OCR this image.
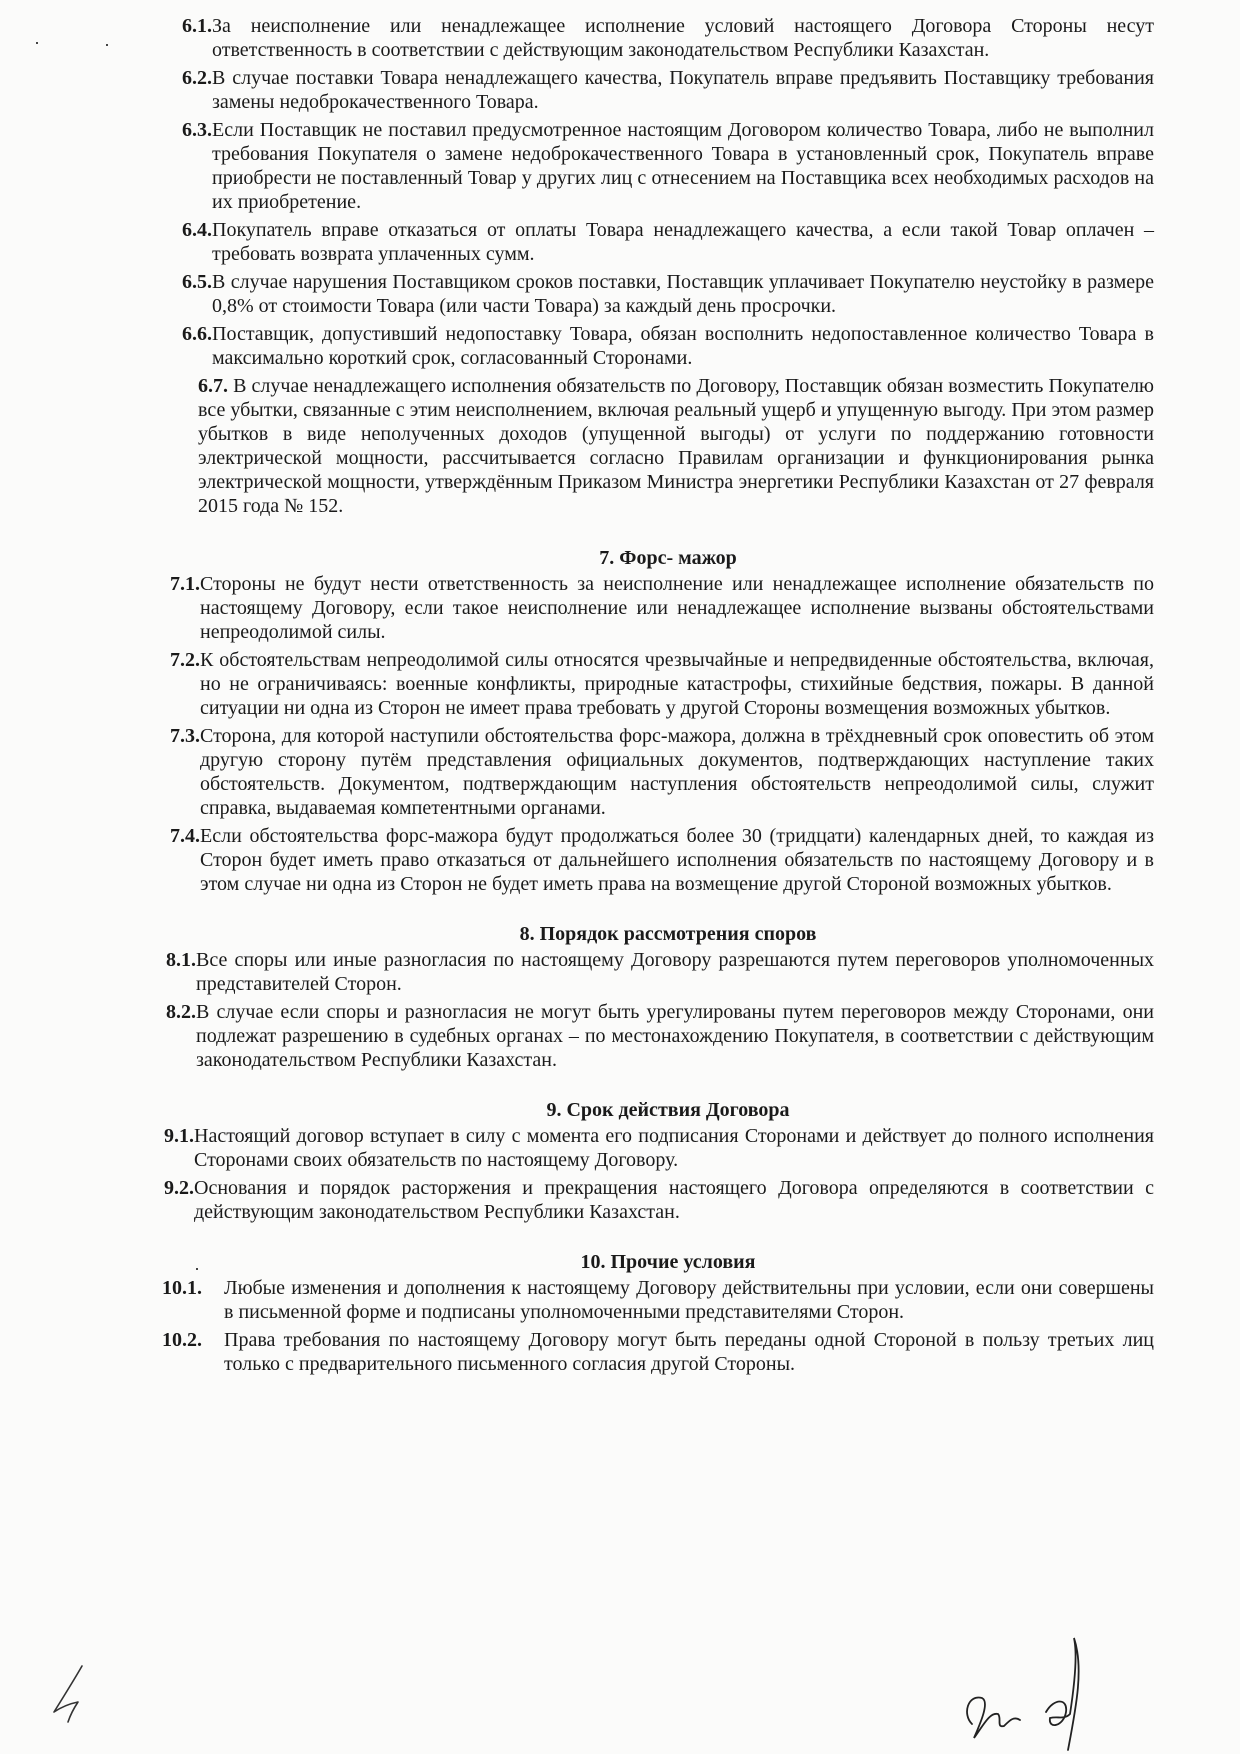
6.1. За неисполнение или ненадлежащее исполнение условий настоящего Договора Стороны несут ответственность в соответствии с действующим законодательством Республики Казахстан.
6.2. В случае поставки Товара ненадлежащего качества, Покупатель вправе предъявить Поставщику требования замены недоброкачественного Товара.
6.3. Если Поставщик не поставил предусмотренное настоящим Договором количество Товара, либо не выполнил требования Покупателя о замене недоброкачественного Товара в установленный срок, Покупатель вправе приобрести не поставленный Товар у других лиц с отнесением на Поставщика всех необходимых расходов на их приобретение.
6.4. Покупатель вправе отказаться от оплаты Товара ненадлежащего качества, а если такой Товар оплачен – требовать возврата уплаченных сумм.
6.5. В случае нарушения Поставщиком сроков поставки, Поставщик уплачивает Покупателю неустойку в размере 0,8% от стоимости Товара (или части Товара) за каждый день просрочки.
6.6. Поставщик, допустивший недопоставку Товара, обязан восполнить недопоставленное количество Товара в максимально короткий срок, согласованный Сторонами.
6.7. В случае ненадлежащего исполнения обязательств по Договору, Поставщик обязан возместить Покупателю все убытки, связанные с этим неисполнением, включая реальный ущерб и упущенную выгоду. При этом размер убытков в виде неполученных доходов (упущенной выгоды) от услуги по поддержанию готовности электрической мощности, рассчитывается согласно Правилам организации и функционирования рынка электрической мощности, утверждённым Приказом Министра энергетики Республики Казахстан от 27 февраля 2015 года № 152.
7. Форс- мажор
7.1. Стороны не будут нести ответственность за неисполнение или ненадлежащее исполнение обязательств по настоящему Договору, если такое неисполнение или ненадлежащее исполнение вызваны обстоятельствами непреодолимой силы.
7.2. К обстоятельствам непреодолимой силы относятся чрезвычайные и непредвиденные обстоятельства, включая, но не ограничиваясь: военные конфликты, природные катастрофы, стихийные бедствия, пожары. В данной ситуации ни одна из Сторон не имеет права требовать у другой Стороны возмещения возможных убытков.
7.3. Сторона, для которой наступили обстоятельства форс-мажора, должна в трёхдневный срок оповестить об этом другую сторону путём представления официальных документов, подтверждающих наступление таких обстоятельств. Документом, подтверждающим наступления обстоятельств непреодолимой силы, служит справка, выдаваемая компетентными органами.
7.4. Если обстоятельства форс-мажора будут продолжаться более 30 (тридцати) календарных дней, то каждая из Сторон будет иметь право отказаться от дальнейшего исполнения обязательств по настоящему Договору и в этом случае ни одна из Сторон не будет иметь права на возмещение другой Стороной возможных убытков.
8. Порядок рассмотрения споров
8.1. Все споры или иные разногласия по настоящему Договору разрешаются путем переговоров уполномоченных представителей Сторон.
8.2. В случае если споры и разногласия не могут быть урегулированы путем переговоров между Сторонами, они подлежат разрешению в судебных органах – по местонахождению Покупателя, в соответствии с действующим законодательством Республики Казахстан.
9. Срок действия Договора
9.1. Настоящий договор вступает в силу с момента его подписания Сторонами и действует до полного исполнения Сторонами своих обязательств по настоящему Договору.
9.2. Основания и порядок расторжения и прекращения настоящего Договора определяются в соответствии с действующим законодательством Республики Казахстан.
10. Прочие условия
10.1.	Любые изменения и дополнения к настоящему Договору действительны при условии, если они совершены в письменной форме и подписаны уполномоченными представителями Сторон.
10.2.	Права требования по настоящему Договору могут быть переданы одной Стороной в пользу третьих лиц только с предварительного письменного согласия другой Стороны.
